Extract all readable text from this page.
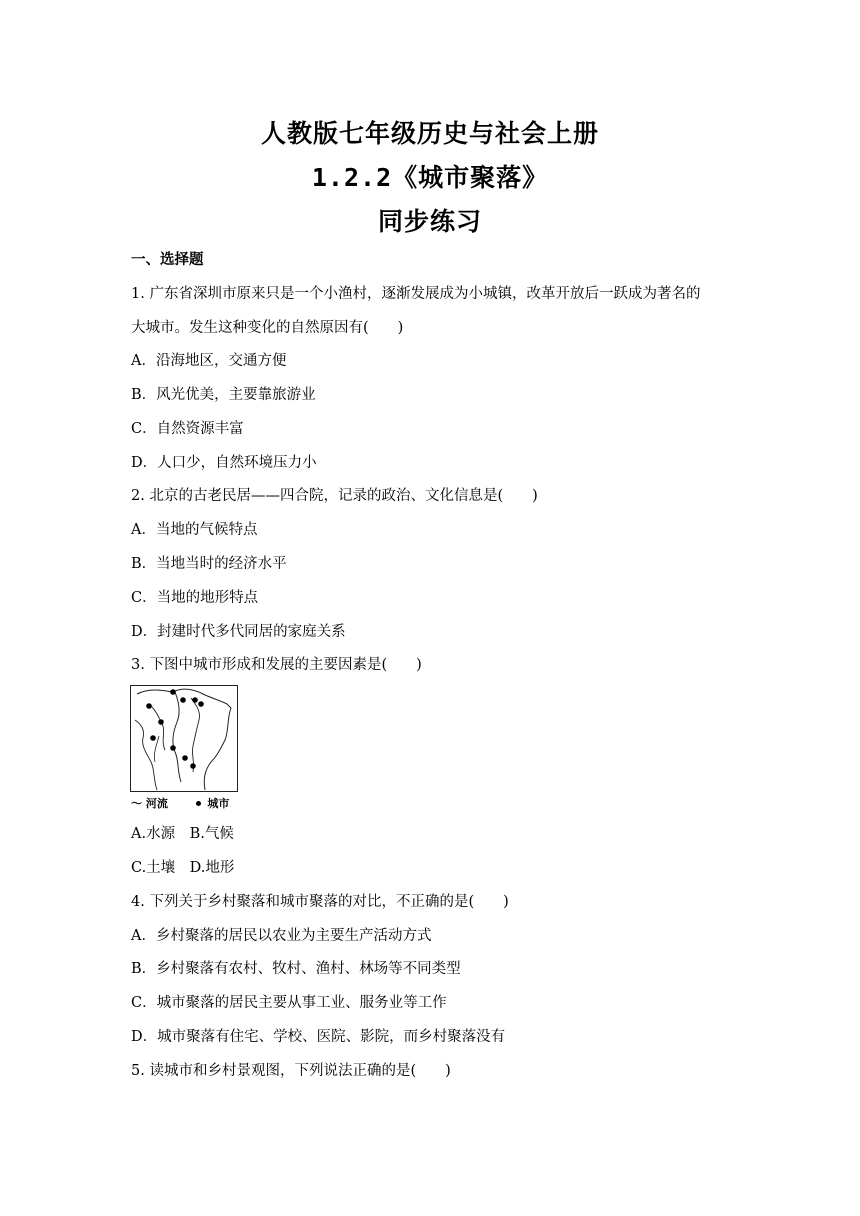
人教版七年级历史与社会上册
1.2.2《城市聚落》
同步练习
一、选择题
1. 广东省深圳市原来只是一个小渔村，逐渐发展成为小城镇，改革开放后一跃成为著名的
大城市。发生这种变化的自然原因有(　　)
A．沿海地区，交通方便
B．风光优美，主要靠旅游业
C．自然资源丰富
D．人口少，自然环境压力小
2. 北京的古老民居——四合院，记录的政治、文化信息是(　　)
A．当地的气候特点
B．当地当时的经济水平
C．当地的地形特点
D．封建时代多代同居的家庭关系
3. 下图中城市形成和发展的主要因素是(　　)
～ 河流	城市
A.水源　B.气候
C.土壤　D.地形
4. 下列关于乡村聚落和城市聚落的对比，不正确的是(　　)
A．乡村聚落的居民以农业为主要生产活动方式
B．乡村聚落有农村、牧村、渔村、林场等不同类型
C．城市聚落的居民主要从事工业、服务业等工作
D．城市聚落有住宅、学校、医院、影院，而乡村聚落没有
5. 读城市和乡村景观图，下列说法正确的是(　　)
